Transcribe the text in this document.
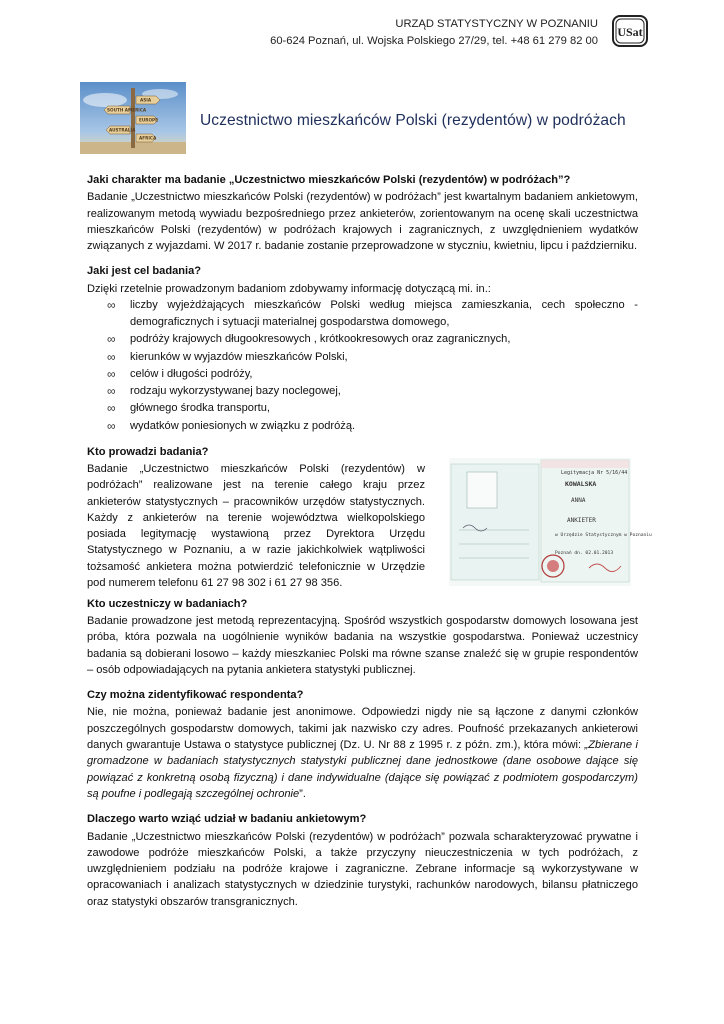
URZĄD STATYSTYCZNY W POZNANIU
60-624 Poznań, ul. Wojska Polskiego 27/29, tel. +48 61 279 82 00
USat
ASIA
SOUTH AMERICA
EUROPE
AUSTRALIA
AFRICA
Uczestnictwo mieszkańców Polski (rezydentów) w podróżach

Jaki charakter ma badanie „Uczestnictwo mieszkańców Polski (rezydentów) w podróżach”?

Badanie „Uczestnictwo mieszkańców Polski (rezydentów) w podróżach” jest kwartalnym badaniem ankietowym, realizowanym metodą wywiadu bezpośredniego przez ankieterów, zorientowanym na ocenę skali uczestnictwa mieszkańców Polski (rezydentów) w podróżach krajowych i zagranicznych, z uwzględnieniem wydatków związanych z wyjazdami. W 2017 r. badanie zostanie przeprowadzone w styczniu, kwietniu, lipcu i październiku.

Jaki jest cel badania?

Dzięki rzetelnie prowadzonym badaniom zdobywamy informację dotyczącą mi. in.:

∞ liczby wyjeżdżających mieszkańców Polski według miejsca zamieszkania, cech społeczno -demograficznych i sytuacji materialnej gospodarstwa domowego,
∞ podróży krajowych długookresowych , krótkookresowych oraz zagranicznych,
∞ kierunków w wyjazdów mieszkańców Polski,
∞ celów i długości podróży,
∞ rodzaju wykorzystywanej bazy noclegowej,
∞ głównego środka transportu,
∞ wydatków poniesionych w związku z podróżą.

Kto prowadzi badania?

Badanie „Uczestnictwo mieszkańców Polski (rezydentów) w podróżach” realizowane jest na terenie całego kraju przez ankieterów statystycznych – pracowników urzędów statystycznych. Każdy z ankieterów na terenie województwa wielkopolskiego posiada legitymację wystawioną przez Dyrektora Urzędu Statystycznego w Poznaniu, a w razie jakichkolwiek wątpliwości tożsamość ankietera można potwierdzić telefonicznie w Urzędzie pod numerem telefonu 61 27 98 302 i 61 27 98 356.

Legitymacja Nr 5/16/44
KOWALSKA
ANNA
ANKIETER
w Urzędzie Statystycznym w Poznaniu
Poznań dn. 02.01.2013

Kto uczestniczy w badaniach?

Badanie prowadzone jest metodą reprezentacyjną. Spośród wszystkich gospodarstw domowych losowana jest próba, która pozwala na uogólnienie wyników badania na wszystkie gospodarstwa. Ponieważ uczestnicy badania są dobierani losowo – każdy mieszkaniec Polski ma równe szanse znaleźć się w grupie respondentów – osób odpowiadających na pytania ankietera statystyki publicznej.

Czy można zidentyfikować respondenta?

Nie, nie można, ponieważ badanie jest anonimowe. Odpowiedzi nigdy nie są łączone z danymi członków poszczególnych gospodarstw domowych, takimi jak nazwisko czy adres. Poufność przekazanych ankieterowi danych gwarantuje Ustawa o statystyce publicznej (Dz. U. Nr 88 z 1995 r. z późn. zm.), która mówi: „Zbierane i gromadzone w badaniach statystycznych statystyki publicznej dane jednostkowe (dane osobowe dające się powiązać z konkretną osobą fizyczną) i dane indywidualne (dające się powiązać z podmiotem gospodarczym) są poufne i podlegają szczególnej ochronie”.

Dlaczego warto wziąć udział w badaniu ankietowym?

Badanie „Uczestnictwo mieszkańców Polski (rezydentów) w podróżach” pozwala scharakteryzować prywatne i zawodowe podróże mieszkańców Polski, a także przyczyny nieuczestniczenia w tych podróżach, z uwzględnieniem podziału na podróże krajowe i zagraniczne. Zebrane informacje są wykorzystywane w opracowaniach i analizach statystycznych w dziedzinie turystyki, rachunków narodowych, bilansu płatniczego oraz statystyki obszarów transgranicznych.
